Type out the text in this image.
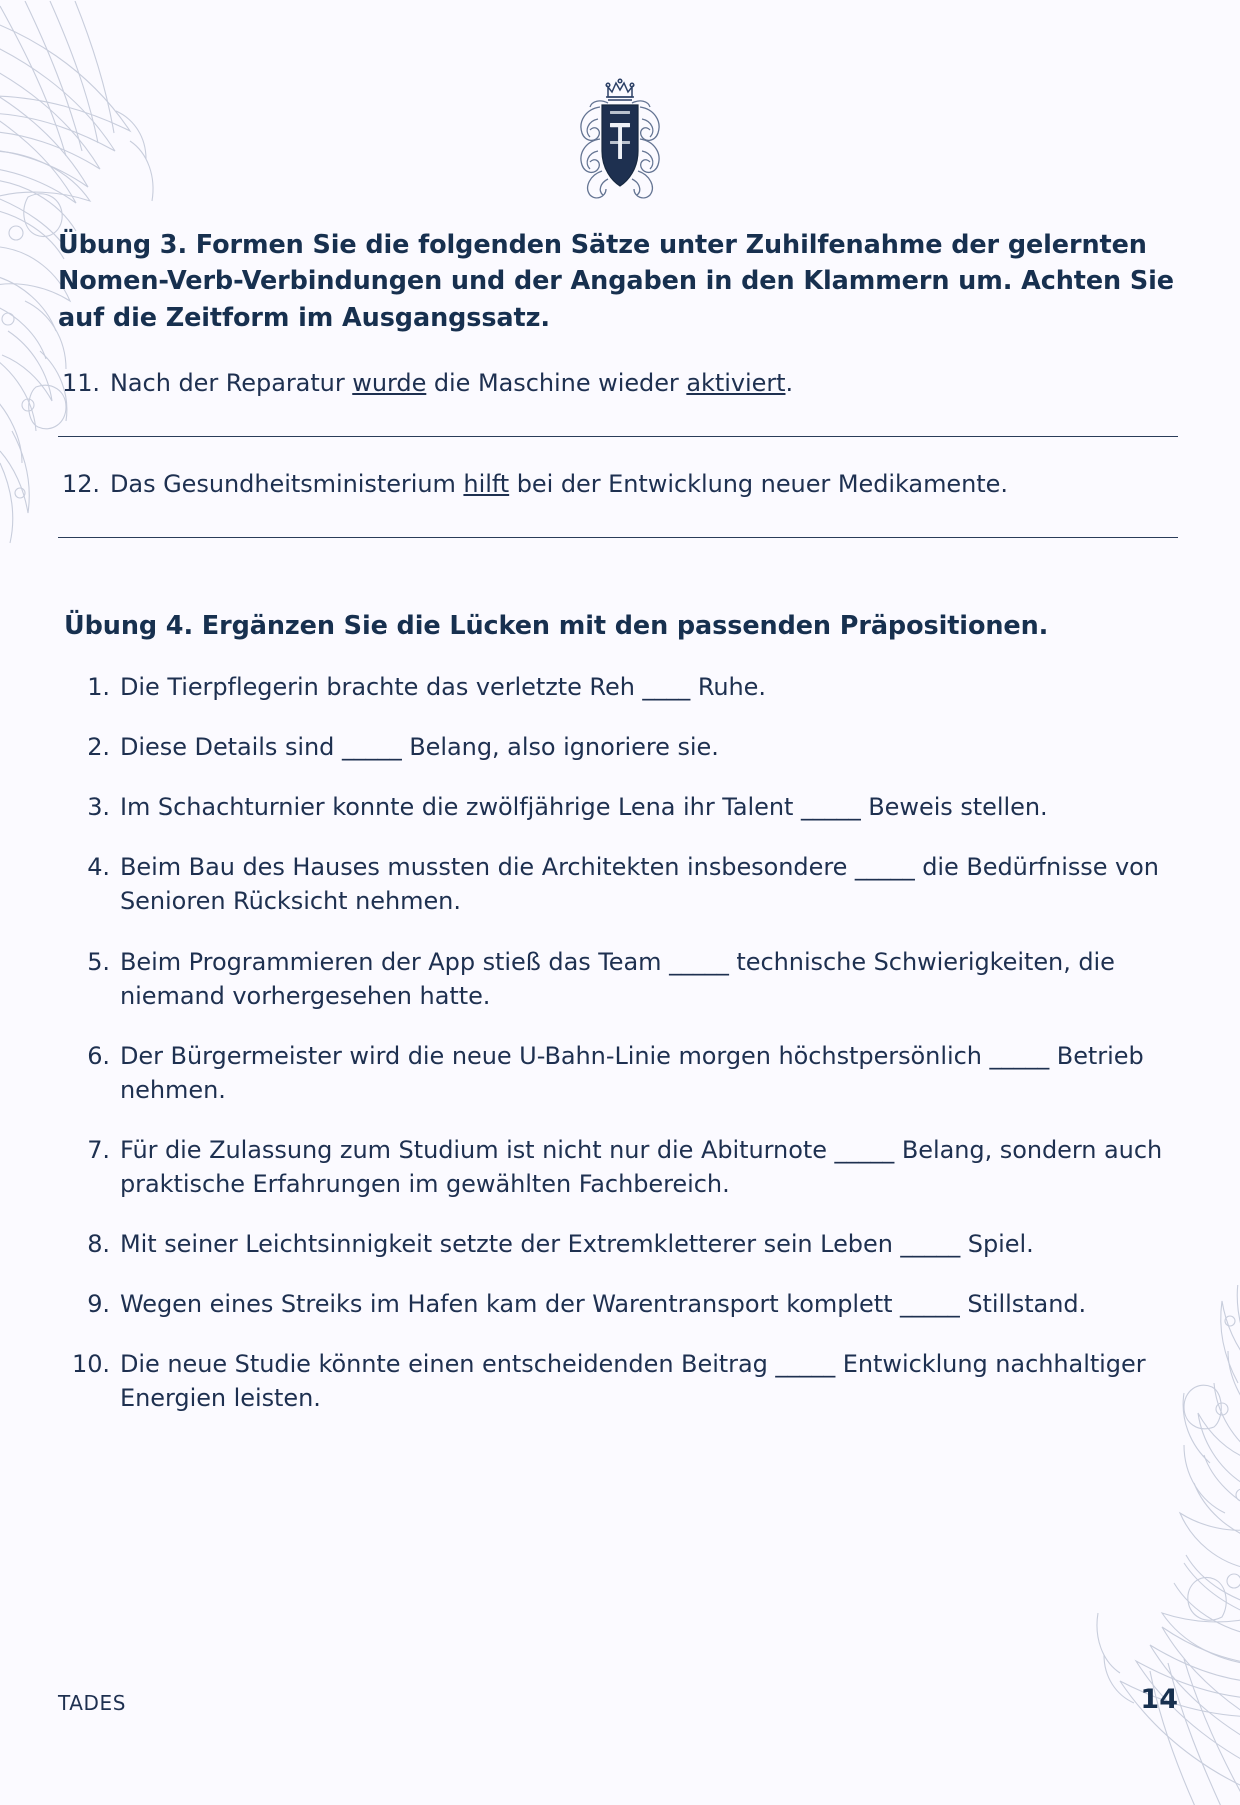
Übung 3. Formen Sie die folgenden Sätze unter Zuhilfenahme der gelernten Nomen-Verb-Verbindungen und der Angaben in den Klammern um. Achten Sie auf die Zeitform im Ausgangssatz.
11. Nach der Reparatur wurde die Maschine wieder aktiviert.
12. Das Gesundheitsministerium hilft bei der Entwicklung neuer Medikamente.
Übung 4. Ergänzen Sie die Lücken mit den passenden Präpositionen.
1. Die Tierpflegerin brachte das verletzte Reh ____ Ruhe.
2. Diese Details sind _____ Belang, also ignoriere sie.
3. Im Schachturnier konnte die zwölfjährige Lena ihr Talent _____ Beweis stellen.
4. Beim Bau des Hauses mussten die Architekten insbesondere _____ die Bedürfnisse von Senioren Rücksicht nehmen.
5. Beim Programmieren der App stieß das Team _____ technische Schwierigkeiten, die niemand vorhergesehen hatte.
6. Der Bürgermeister wird die neue U-Bahn-Linie morgen höchstpersönlich _____ Betrieb nehmen.
7. Für die Zulassung zum Studium ist nicht nur die Abiturnote _____ Belang, sondern auch praktische Erfahrungen im gewählten Fachbereich.
8. Mit seiner Leichtsinnigkeit setzte der Extremkletterer sein Leben _____ Spiel.
9. Wegen eines Streiks im Hafen kam der Warentransport komplett _____ Stillstand.
10. Die neue Studie könnte einen entscheidenden Beitrag _____ Entwicklung nachhaltiger Energien leisten.
TADES	14
